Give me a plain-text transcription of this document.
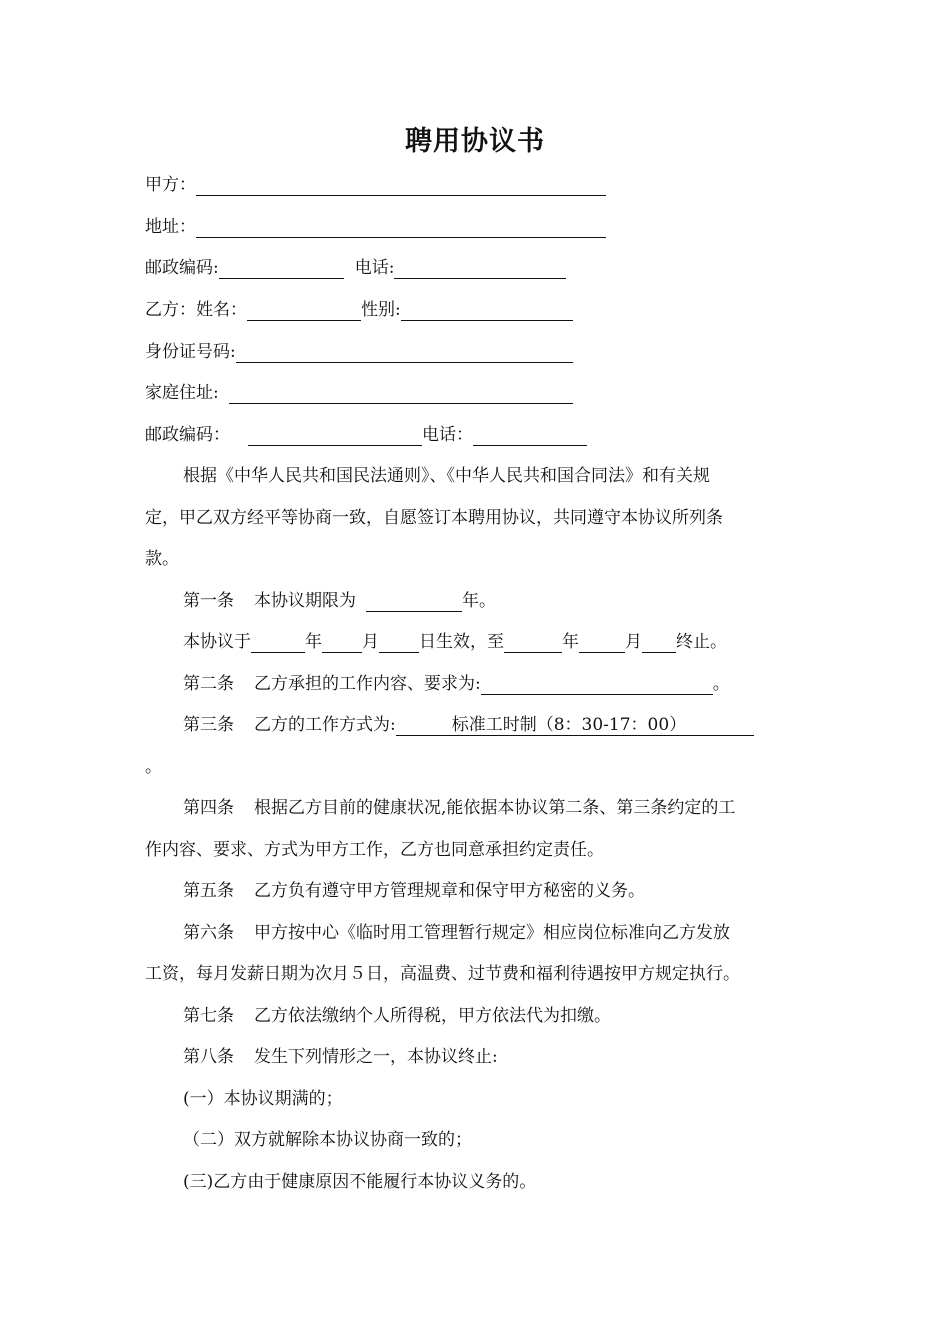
聘用协议书
甲方：
地址：
邮政编码:	电话:
乙方：姓名：	性别:
身份证号码:
家庭住址:
邮政编码：	电话：
根据《中华人民共和国民法通则》、《中华人民共和国合同法》和有关规
定，甲乙双方经平等协商一致，自愿签订本聘用协议，共同遵守本协议所列条
款。
第一条 本协议期限为	年。
本协议于	年 月 日生效，至	年	月 终止。
第二条 乙方承担的工作内容、要求为:	。
第三条 乙方的工作方式为:	标准工时制（8：30-17：00）
。
第四条 根据乙方目前的健康状况,能依据本协议第二条、第三条约定的工
作内容、要求、方式为甲方工作，乙方也同意承担约定责任。
第五条 乙方负有遵守甲方管理规章和保守甲方秘密的义务。
第六条 甲方按中心《临时用工管理暂行规定》相应岗位标准向乙方发放
工资，每月发薪日期为次月５日，高温费、过节费和福利待遇按甲方规定执行。
第七条 乙方依法缴纳个人所得税，甲方依法代为扣缴。
第八条 发生下列情形之一，本协议终止:
(一）本协议期满的；
（二）双方就解除本协议协商一致的；
(三)乙方由于健康原因不能履行本协议义务的。
